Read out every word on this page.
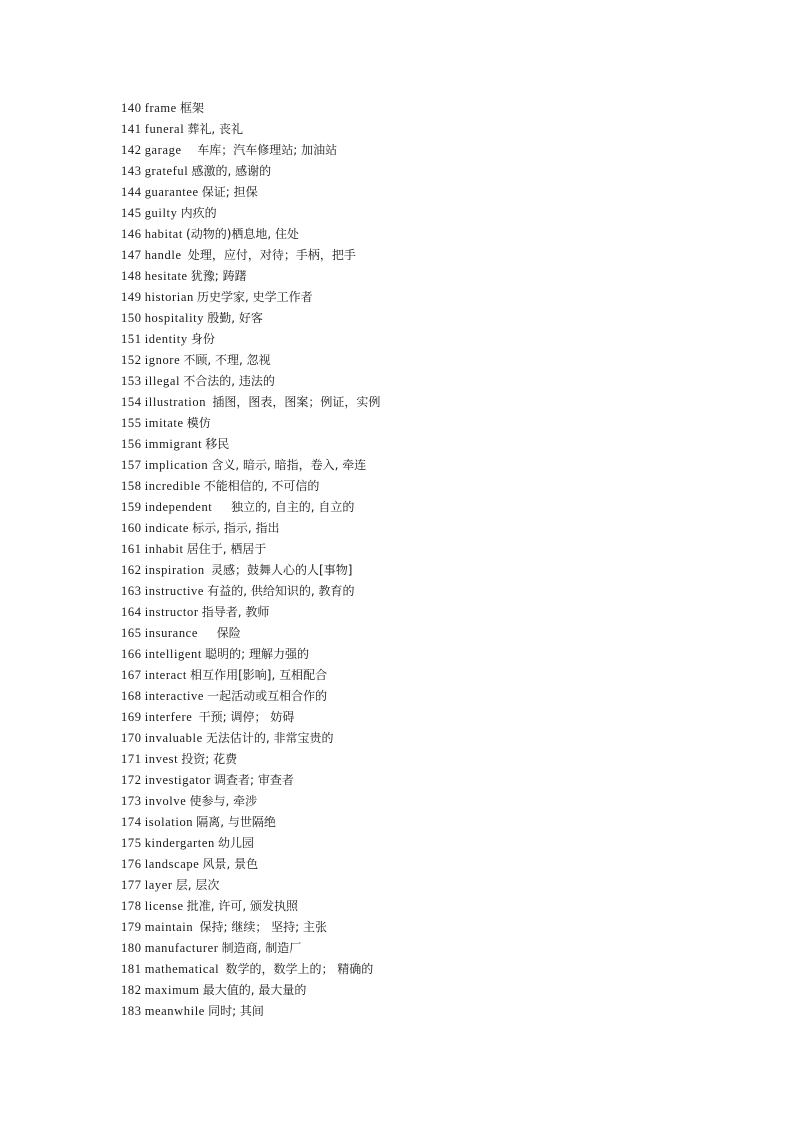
140 frame 框架
141 funeral 葬礼, 丧礼
142 garage 车库；汽车修理站; 加油站
143 grateful 感激的, 感谢的
144 guarantee 保证; 担保
145 guilty 内疚的
146 habitat (动物的)栖息地, 住处
147 handle 处理，应付，对待；手柄，把手
148 hesitate 犹豫; 踌躇
149 historian 历史学家, 史学工作者
150 hospitality 殷勤, 好客
151 identity 身份
152 ignore 不顾, 不理, 忽视
153 illegal 不合法的, 违法的
154 illustration 插图，图表，图案；例证，实例
155 imitate 模仿
156 immigrant 移民
157 implication 含义, 暗示, 暗指，卷入, 牵连
158 incredible 不能相信的, 不可信的
159 independent 独立的, 自主的, 自立的
160 indicate 标示, 指示, 指出
161 inhabit 居住于, 栖居于
162 inspiration 灵感；鼓舞人心的人[事物]
163 instructive 有益的, 供给知识的, 教育的
164 instructor 指导者, 教师
165 insurance 保险
166 intelligent 聪明的; 理解力强的
167 interact 相互作用[影响], 互相配合
168 interactive 一起活动或互相合作的
169 interfere 干预; 调停； 妨碍
170 invaluable 无法估计的, 非常宝贵的
171 invest 投资; 花费
172 investigator 调查者; 审查者
173 involve 使参与, 牵涉
174 isolation 隔离, 与世隔绝
175 kindergarten 幼儿园
176 landscape 风景, 景色
177 layer 层, 层次
178 license 批准, 许可, 颁发执照
179 maintain 保持; 继续； 坚持; 主张
180 manufacturer 制造商, 制造厂
181 mathematical 数学的，数学上的； 精确的
182 maximum 最大值的, 最大量的
183 meanwhile 同时; 其间
